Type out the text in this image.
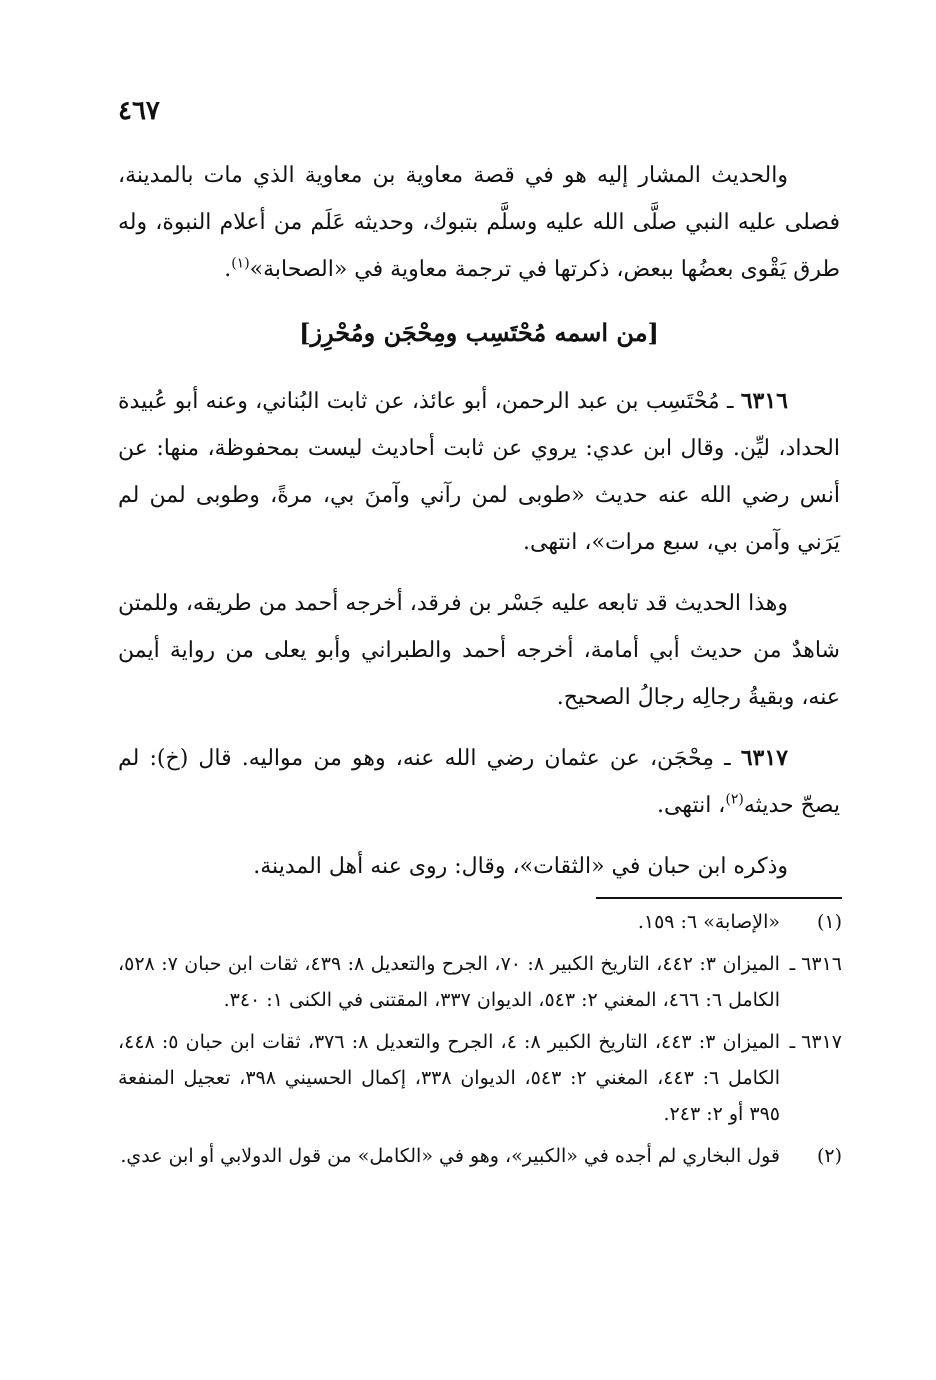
٤٦٧

والحديث المشار إليه هو في قصة معاوية بن معاوية الذي مات بالمدينة، فصلى عليه النبي صلَّى الله عليه وسلَّم بتبوك، وحديثه عَلَم من أعلام النبوة، وله طرق يَقْوى بعضُها ببعض، ذكرتها في ترجمة معاوية في «الصحابة»$^{(١)}$.

[من اسمه مُحْتَسِب ومِحْجَن ومُحْرِز]

٦٣١٦ ـ مُحْتَسِب بن عبد الرحمن، أبو عائذ، عن ثابت البُناني، وعنه أبو عُبيدة الحداد، ليِّن. وقال ابن عدي: يروي عن ثابت أحاديث ليست بمحفوظة، منها: عن أنس رضي الله عنه حديث «طوبى لمن رآني وآمنَ بي، مرةً، وطوبى لمن لم يَرَني وآمن بي، سبع مرات»، انتهى.

وهذا الحديث قد تابعه عليه جَسْر بن فرقد، أخرجه أحمد من طريقه، وللمتن شاهدٌ من حديث أبي أمامة، أخرجه أحمد والطبراني وأبو يعلى من رواية أيمن عنه، وبقيةُ رجالِه رجالُ الصحيح.

٦٣١٧ ـ مِحْجَن، عن عثمان رضي الله عنه، وهو من مواليه. قال (خ): لم يصحّ حديثه$^{(٢)}$، انتهى.

وذكره ابن حبان في «الثقات»، وقال: روى عنه أهل المدينة.

(١)
«الإصابة» ٦: ١٥٩.
٦٣١٦ ـ
الميزان ٣: ٤٤٢، التاريخ الكبير ٨: ٧٠، الجرح والتعديل ٨: ٤٣٩، ثقات ابن حبان ٧: ٥٢٨، الكامل ٦: ٤٦٦، المغني ٢: ٥٤٣، الديوان ٣٣٧، المقتنى في الكنى ١: ٣٤٠.
٦٣١٧ ـ
الميزان ٣: ٤٤٣، التاريخ الكبير ٨: ٤، الجرح والتعديل ٨: ٣٧٦، ثقات ابن حبان ٥: ٤٤٨، الكامل ٦: ٤٤٣، المغني ٢: ٥٤٣، الديوان ٣٣٨، إكمال الحسيني ٣٩٨، تعجيل المنفعة ٣٩٥ أو ٢: ٢٤٣.
(٢)
قول البخاري لم أجده في «الكبير»، وهو في «الكامل» من قول الدولابي أو ابن عدي.
